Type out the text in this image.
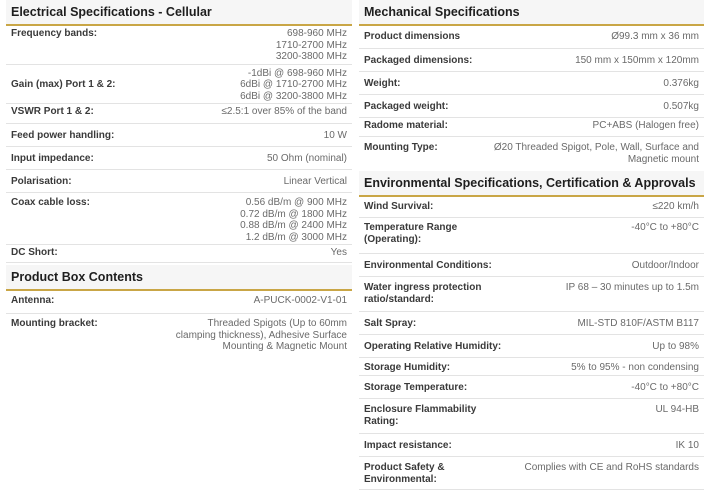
Electrical Specifications - Cellular
Frequency bands:	698-960 MHz
1710-2700 MHz
3200-3800 MHz
Gain (max) Port 1 & 2:
-1dBi @ 698-960 MHz
6dBi @ 1710-2700 MHz
6dBi @ 3200-3800 MHz
VSWR Port 1 & 2:	≤2.5:1 over 85% of the band
Feed power handling:	10 W
Input impedance:	50 Ohm (nominal)
Polarisation:	Linear Vertical
Coax cable loss:	0.56 dB/m @ 900 MHz
0.72 dB/m @ 1800 MHz
0.88 dB/m @ 2400 MHz
1.2 dB/m @ 3000 MHz
DC Short:	Yes
Product Box Contents
Antenna:	A-PUCK-0002-V1-01
Mounting bracket:	Threaded Spigots (Up to 60mm
clamping thickness), Adhesive Surface
Mounting & Magnetic Mount
Mechanical Specifications
Product dimensions	Ø99.3 mm x 36 mm
Packaged dimensions:	150 mm x 150mm x 120mm
Weight:	0.376kg
Packaged weight:	0.507kg
Radome material:	PC+ABS (Halogen free)
Mounting Type:	Ø20 Threaded Spigot, Pole, Wall, Surface and
Magnetic mount
Environmental Specifications, Certification & Approvals
Wind Survival:	≤220 km/h
Temperature Range
(Operating):
-40°C to +80°C
Environmental Conditions:	Outdoor/Indoor
Water ingress protection
ratio/standard:
IP 68 – 30 minutes up to 1.5m
Salt Spray:	MIL-STD 810F/ASTM B117
Operating Relative Humidity:	Up to 98%
Storage Humidity:	5% to 95% - non condensing
Storage Temperature:	-40°C to +80°C
Enclosure Flammability
Rating:
UL 94-HB
Impact resistance:	IK 10
Product Safety &
Environmental:
Complies with CE and RoHS standards
